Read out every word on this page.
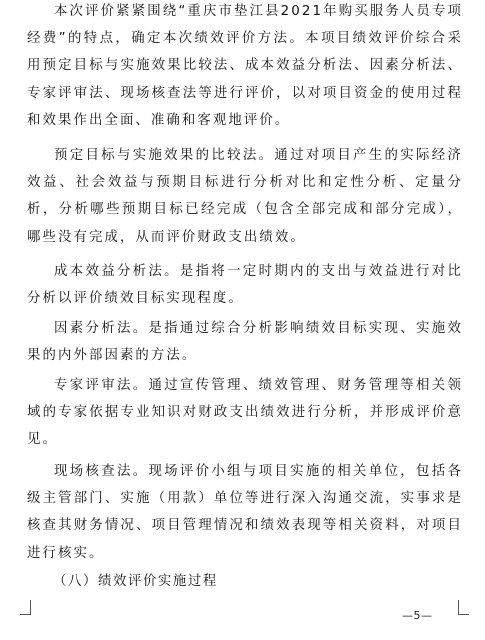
本次评价紧紧围绕“重庆市垫江县2021年购买服务人员专项经费”的特点，确定本次绩效评价方法。本项目绩效评价综合采用预定目标与实施效果比较法、成本效益分析法、因素分析法、专家评审法、现场核查法等进行评价，以对项目资金的使用过程和效果作出全面、准确和客观地评价。

预定目标与实施效果的比较法。通过对项目产生的实际经济效益、社会效益与预期目标进行分析对比和定性分析、定量分析，分析哪些预期目标已经完成（包含全部完成和部分完成），哪些没有完成，从而评价财政支出绩效。

成本效益分析法。是指将一定时期内的支出与效益进行对比分析以评价绩效目标实现程度。

因素分析法。是指通过综合分析影响绩效目标实现、实施效果的内外部因素的方法。

专家评审法。通过宣传管理、绩效管理、财务管理等相关领域的专家依据专业知识对财政支出绩效进行分析，并形成评价意见。

现场核查法。现场评价小组与项目实施的相关单位，包括各级主管部门、实施（用款）单位等进行深入沟通交流，实事求是核查其财务情况、项目管理情况和绩效表现等相关资料，对项目进行核实。

（八）绩效评价实施过程

—5—
